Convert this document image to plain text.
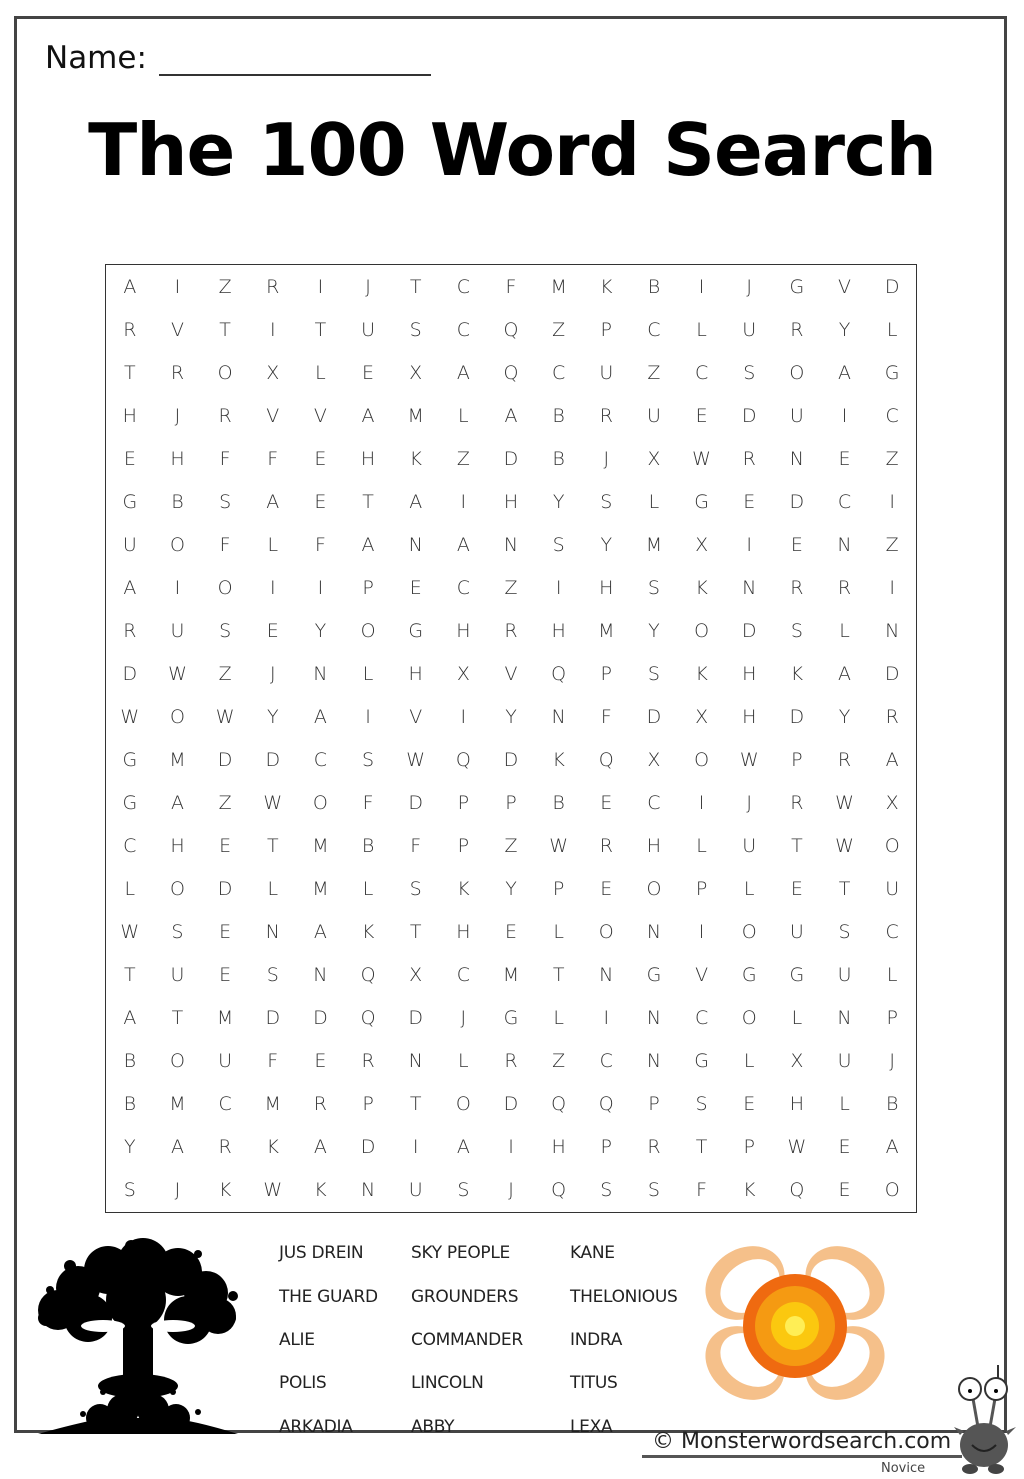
Name:
The 100 Word Search
A	I	Z	R	I	J	T	C	F	M	K	B	I	J	G	V	D
R	V	T	I	T	U	S	C	Q	Z	P	C	L	U	R	Y	L
T	R	O	X	L	E	X	A	Q	C	U	Z	C	S	O	A	G
H	J	R	V	V	A	M	L	A	B	R	U	E	D	U	I	C
E	H	F	F	E	H	K	Z	D	B	J	X	W	R	N	E	Z
G	B	S	A	E	T	A	I	H	Y	S	L	G	E	D	C	I
U	O	F	L	F	A	N	A	N	S	Y	M	X	I	E	N	Z
A	I	O	I	I	P	E	C	Z	I	H	S	K	N	R	R	I
R	U	S	E	Y	O	G	H	R	H	M	Y	O	D	S	L	N
D	W	Z	J	N	L	H	X	V	Q	P	S	K	H	K	A	D
W	O	W	Y	A	I	V	I	Y	N	F	D	X	H	D	Y	R
G	M	D	D	C	S	W	Q	D	K	Q	X	O	W	P	R	A
G	A	Z	W	O	F	D	P	P	B	E	C	I	J	R	W	X
C	H	E	T	M	B	F	P	Z	W	R	H	L	U	T	W	O
L	O	D	L	M	L	S	K	Y	P	E	O	P	L	E	T	U
W	S	E	N	A	K	T	H	E	L	O	N	I	O	U	S	C
T	U	E	S	N	Q	X	C	M	T	N	G	V	G	G	U	L
A	T	M	D	D	Q	D	J	G	L	I	N	C	O	L	N	P
B	O	U	F	E	R	N	L	R	Z	C	N	G	L	X	U	J
B	M	C	M	R	P	T	O	D	Q	Q	P	S	E	H	L	B
Y	A	R	K	A	D	I	A	I	H	P	R	T	P	W	E	A
S	J	K	W	K	N	U	S	J	Q	S	S	F	K	Q	E	O
JUS DREIN
THE GUARD
ALIE
POLIS
ARKADIA
SKY PEOPLE
GROUNDERS
COMMANDER
LINCOLN
ABBY
KANE
THELONIOUS
INDRA
TITUS
LEXA
© Monsterwordsearch.com
Novice
